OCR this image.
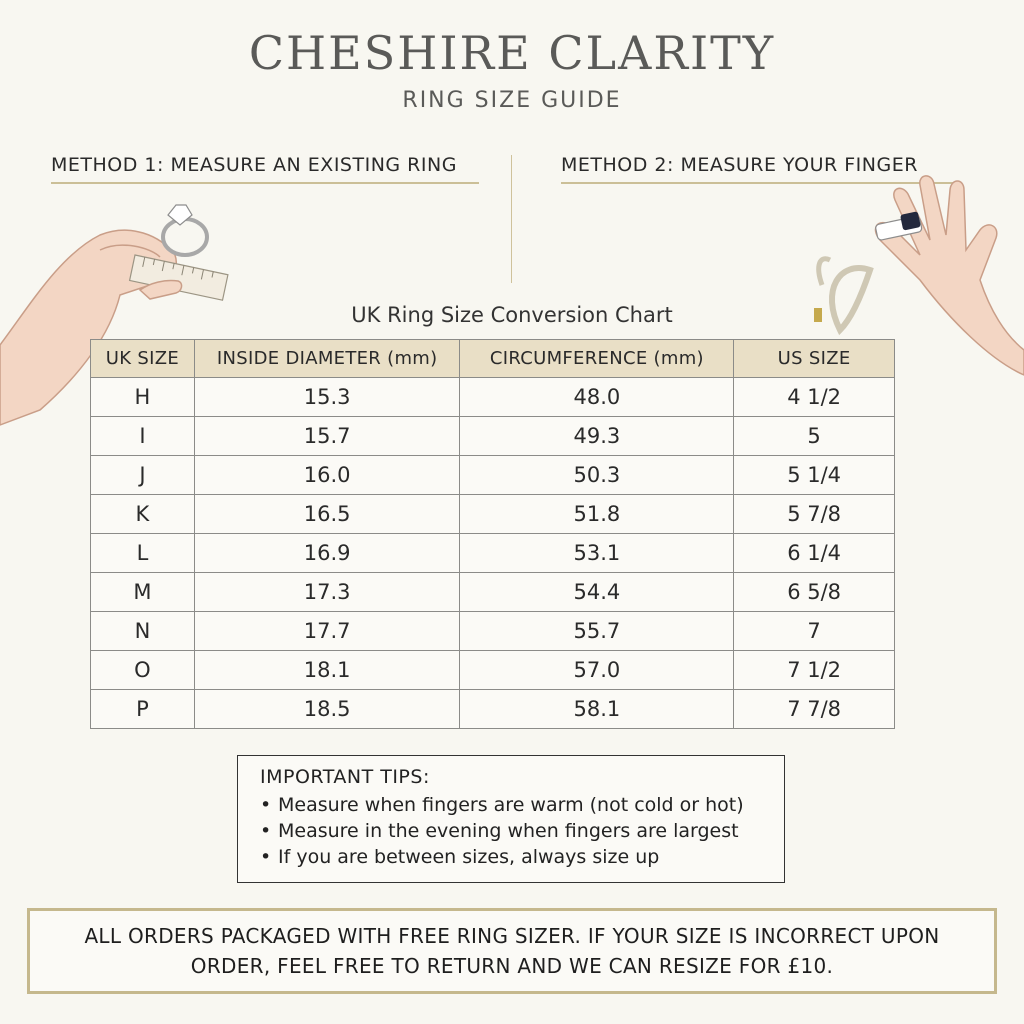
CHESHIRE CLARITY
RING SIZE GUIDE
METHOD 1: MEASURE AN EXISTING RING	METHOD 2: MEASURE YOUR FINGER
UK Ring Size Conversion Chart
UK SIZE	INSIDE DIAMETER (mm)	CIRCUMFERENCE (mm)	US SIZE
H	15.3	48.0	4 1/2
I	15.7	49.3	5
J	16.0	50.3	5 1/4
K	16.5	51.8	5 7/8
L	16.9	53.1	6 1/4
M	17.3	54.4	6 5/8
N	17.7	55.7	7
O	18.1	57.0	7 1/2
P	18.5	58.1	7 7/8
IMPORTANT TIPS:
• Measure when fingers are warm (not cold or hot)
• Measure in the evening when fingers are largest
• If you are between sizes, always size up
ALL ORDERS PACKAGED WITH FREE RING SIZER. IF YOUR SIZE IS INCORRECT UPON ORDER, FEEL FREE TO RETURN AND WE CAN RESIZE FOR £10.
